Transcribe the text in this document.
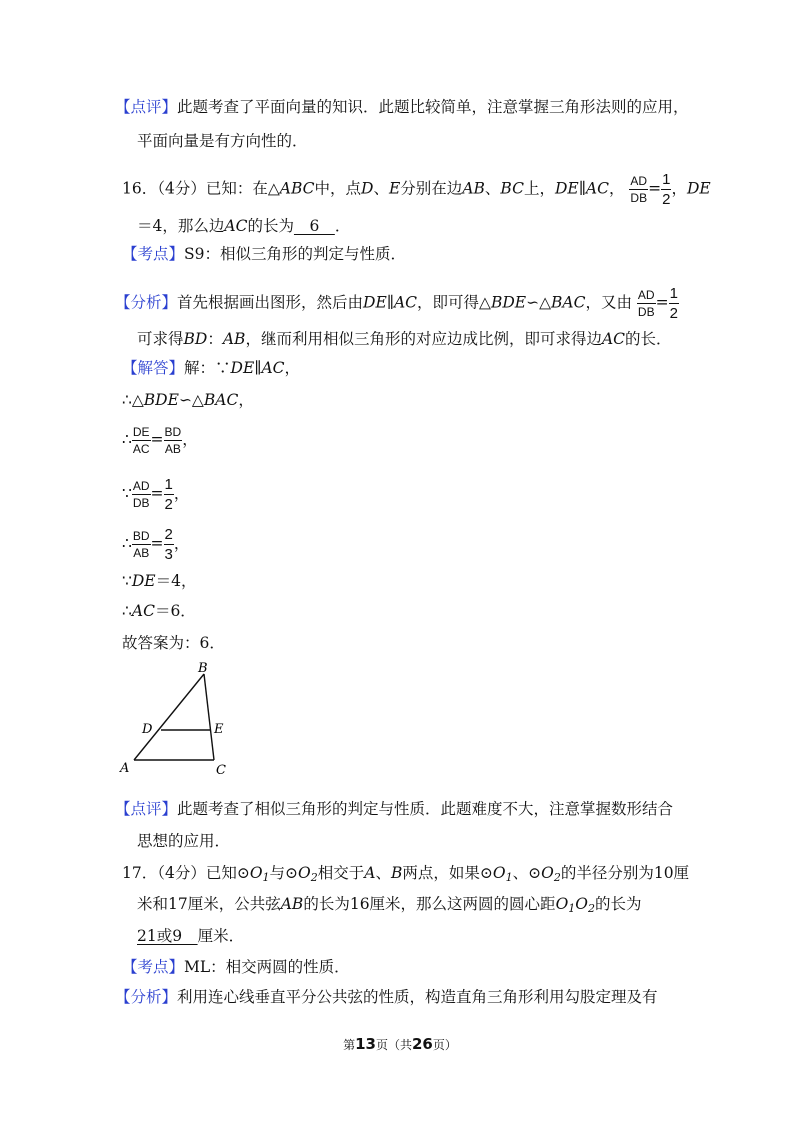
【点评】此题考查了平面向量的知识．此题比较简单，注意掌握三角形法则的应用，
平面向量是有方向性的．
16．（4分）已知：在△ABC中，点D、E分别在边AB、BC上，DE∥AC， $\frac{AD}{DB} = \frac{1}{2}$ ，DE
＝4，那么边AC的长为　6　．
【考点】S9：相似三角形的判定与性质．
【分析】首先根据画出图形，然后由DE∥AC，即可得△BDE∽△BAC，又由 $\frac{AD}{DB} = \frac{1}{2}$
可求得BD：AB，继而利用相似三角形的对应边成比例，即可求得边AC的长．
【解答】解：∵DE∥AC，
∴△BDE∽△BAC，
∴ $\frac{DE}{AC} = \frac{BD}{AB}$ ，
∵ $\frac{AD}{DB} = \frac{1}{2}$ ，
∴ $\frac{BD}{AB} = \frac{2}{3}$ ，
∵DE＝4，
∴AC＝6．
故答案为：6．
B
D	E
A	C
【点评】此题考查了相似三角形的判定与性质．此题难度不大，注意掌握数形结合
思想的应用．
17．（4分）已知$⊙O_1$与$⊙O_2$相交于A、B两点，如果$⊙O_1$、$⊙O_2$的半径分别为10厘
米和17厘米，公共弦AB的长为16厘米，那么这两圆的圆心距$O_1O_2$的长为
21或9　厘米．
【考点】ML：相交两圆的性质．
【分析】利用连心线垂直平分公共弦的性质，构造直角三角形利用勾股定理及有
第13页（共26页）
